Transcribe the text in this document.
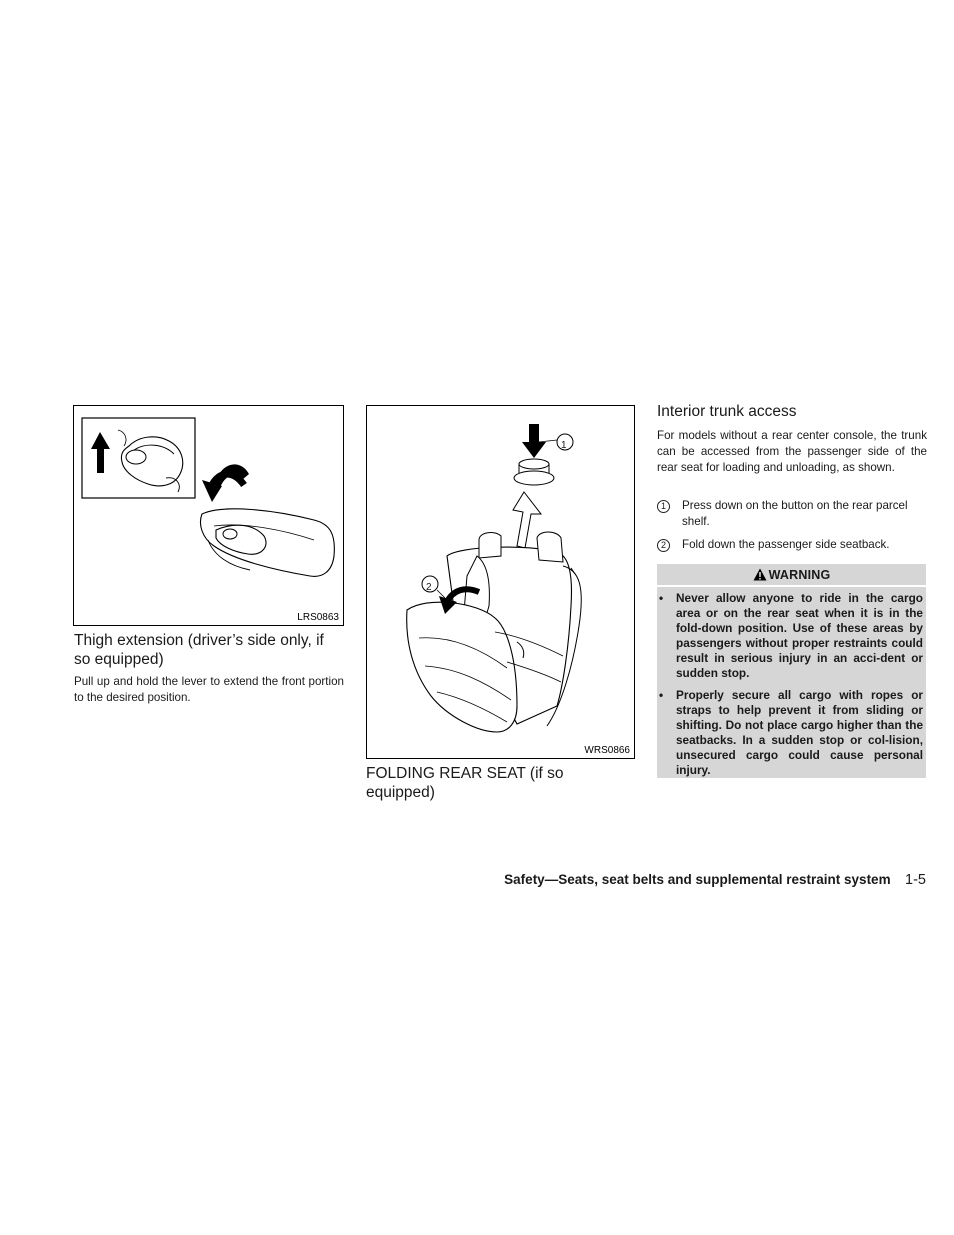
LRS0863
Thigh extension (driver’s side only, if so equipped)
Pull up and hold the lever to extend the front portion to the desired position.
1
2
WRS0866
FOLDING REAR SEAT (if so equipped)
Interior trunk access
For models without a rear center console, the trunk can be accessed from the passenger side of the rear seat for loading and unloading, as shown.
1	Press down on the button on the rear parcel shelf.
2	Fold down the passenger side seatback.
WARNING
•	Never allow anyone to ride in the cargo area or on the rear seat when it is in the fold-down position. Use of these areas by passengers without proper restraints could result in serious injury in an acci-dent or sudden stop.
•	Properly secure all cargo with ropes or straps to help prevent it from sliding or shifting. Do not place cargo higher than the seatbacks. In a sudden stop or col-lision, unsecured cargo could cause personal injury.
Safety—Seats, seat belts and supplemental restraint system 1-5
